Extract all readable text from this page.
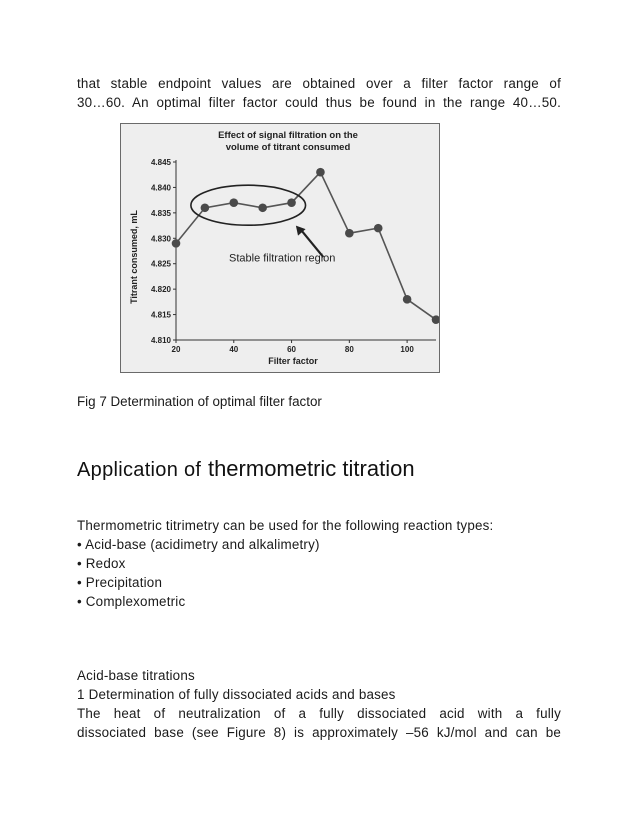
that stable endpoint values are obtained over a filter factor range of
30…60. An optimal filter factor could thus be found in the range 40…50.
Effect of signal filtration on the
volume of titrant consumed
Titrant consumed, mL
Filter factor
4.845
4.840
4.835
4.830
4.825
4.820
4.815
4.810
20	40	60	80	100
Stable filtration region

Fig 7 Determination of optimal filter factor

Application of thermometric titration
Thermometric titrimetry can be used for the following reaction types:
• Acid-base (acidimetry and alkalimetry)
• Redox
• Precipitation
• Complexometric
Acid-base titrations
1 Determination of fully dissociated acids and bases
The heat of neutralization of a fully dissociated acid with a fully
dissociated base (see Figure 8) is approximately –56 kJ/mol and can be
